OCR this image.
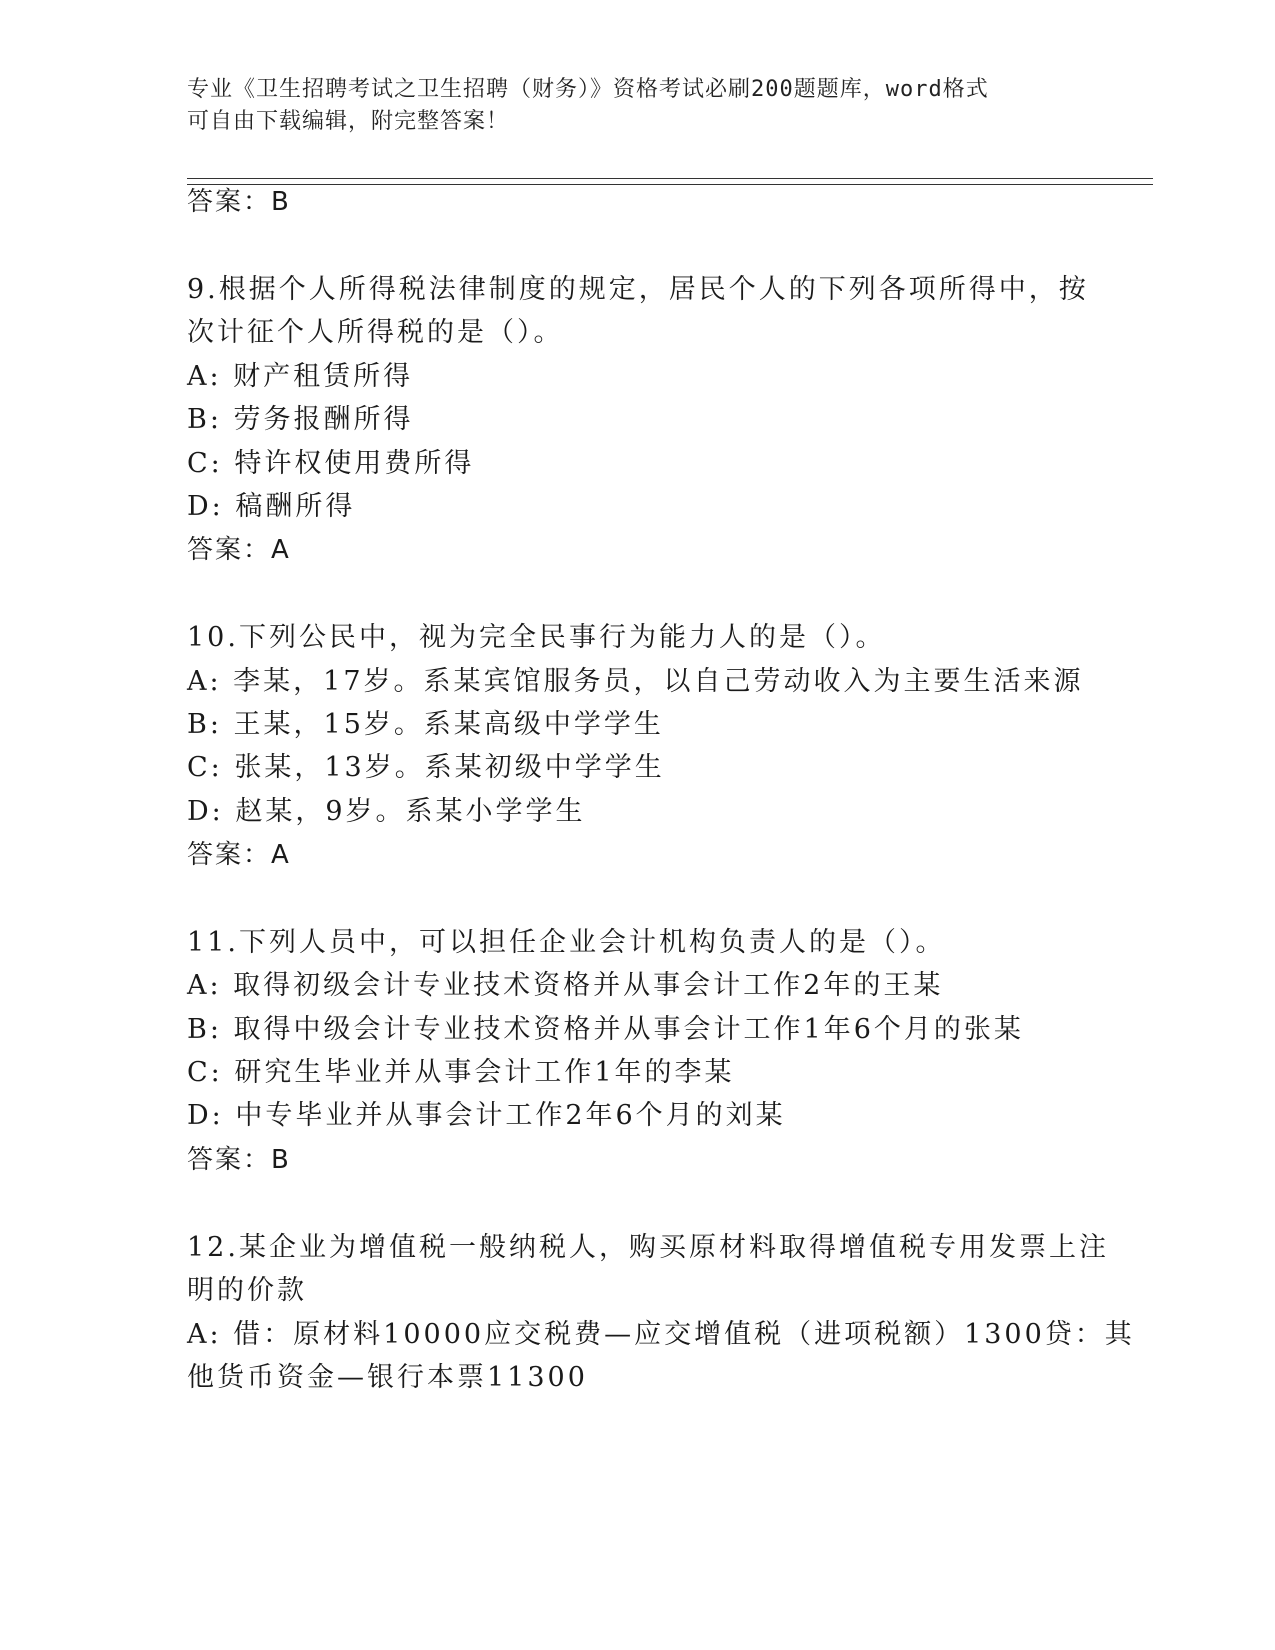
专业《卫生招聘考试之卫生招聘（财务）》资格考试必刷200题题库，word格式
可自由下载编辑，附完整答案！
答案：B
9.根据个人所得税法律制度的规定，居民个人的下列各项所得中，按
次计征个人所得税的是（）。
A: 财产租赁所得
B: 劳务报酬所得
C: 特许权使用费所得
D: 稿酬所得
答案：A
10.下列公民中，视为完全民事行为能力人的是（）。
A: 李某，17岁。系某宾馆服务员，以自己劳动收入为主要生活来源
B: 王某，15岁。系某高级中学学生
C: 张某，13岁。系某初级中学学生
D: 赵某，9岁。系某小学学生
答案：A
11.下列人员中，可以担任企业会计机构负责人的是（）。
A: 取得初级会计专业技术资格并从事会计工作2年的王某
B: 取得中级会计专业技术资格并从事会计工作1年6个月的张某
C: 研究生毕业并从事会计工作1年的李某
D: 中专毕业并从事会计工作2年6个月的刘某
答案：B
12.某企业为增值税一般纳税人，购买原材料取得增值税专用发票上注
明的价款
A: 借：原材料10000应交税费—应交增值税（进项税额）1300贷：其
他货币资金—银行本票11300
